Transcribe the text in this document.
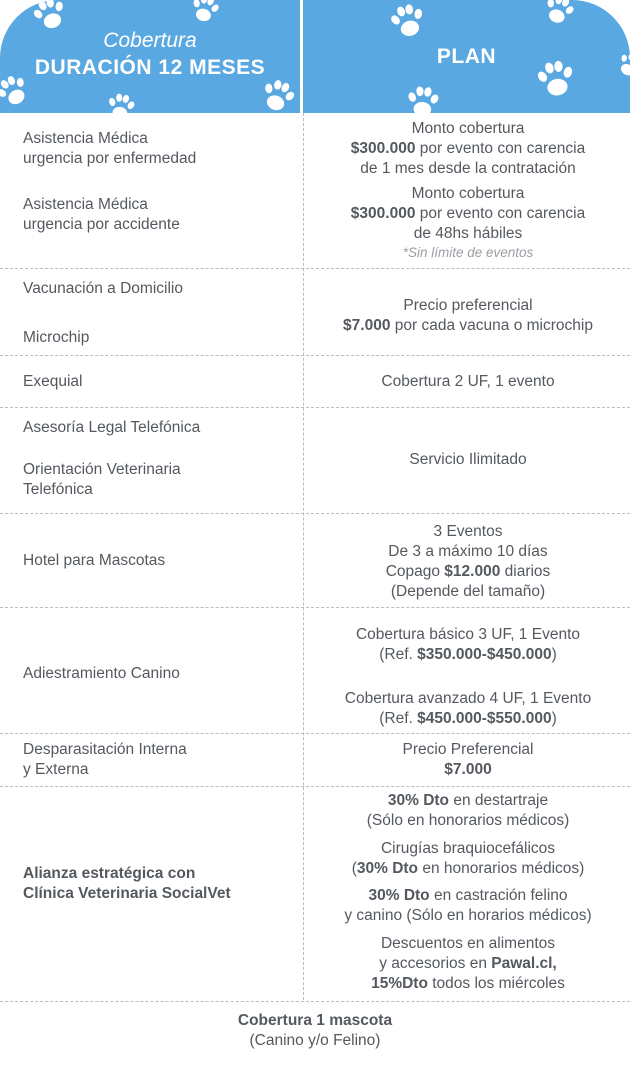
Cobertura
DURACIÓN 12 MESES	PLAN
Asistencia Médica
urgencia por enfermedad
Monto cobertura
$300.000 por evento con carencia
de 1 mes desde la contratación
Asistencia Médica
urgencia por accidente
Monto cobertura
$300.000 por evento con carencia
de 48hs hábiles
*Sin límite de eventos
Vacunación a Domicilio
Microchip
Precio preferencial
$7.000 por cada vacuna o microchip
Exequial	Cobertura 2 UF, 1 evento
Asesoría Legal Telefónica
Orientación Veterinaria
Telefónica
Servicio Ilimitado
Hotel para Mascotas
3 Eventos
De 3 a máximo 10 días
Copago $12.000 diarios
(Depende del tamaño)
Adiestramiento Canino
Cobertura básico 3 UF, 1 Evento
(Ref. $350.000-$450.000)
Cobertura avanzado 4 UF, 1 Evento
(Ref. $450.000-$550.000)
Desparasitación Interna
y Externa
Precio Preferencial
$7.000
Alianza estratégica con
Clínica Veterinaria SocialVet
30% Dto en destartraje
(Sólo en honorarios médicos)
Cirugías braquiocefálicos
(30% Dto en honorarios médicos)
30% Dto en castración felino
y canino (Sólo en horarios médicos)
Descuentos en alimentos
y accesorios en Pawal.cl,
15%Dto todos los miércoles
Cobertura 1 mascota
(Canino y/o Felino)
